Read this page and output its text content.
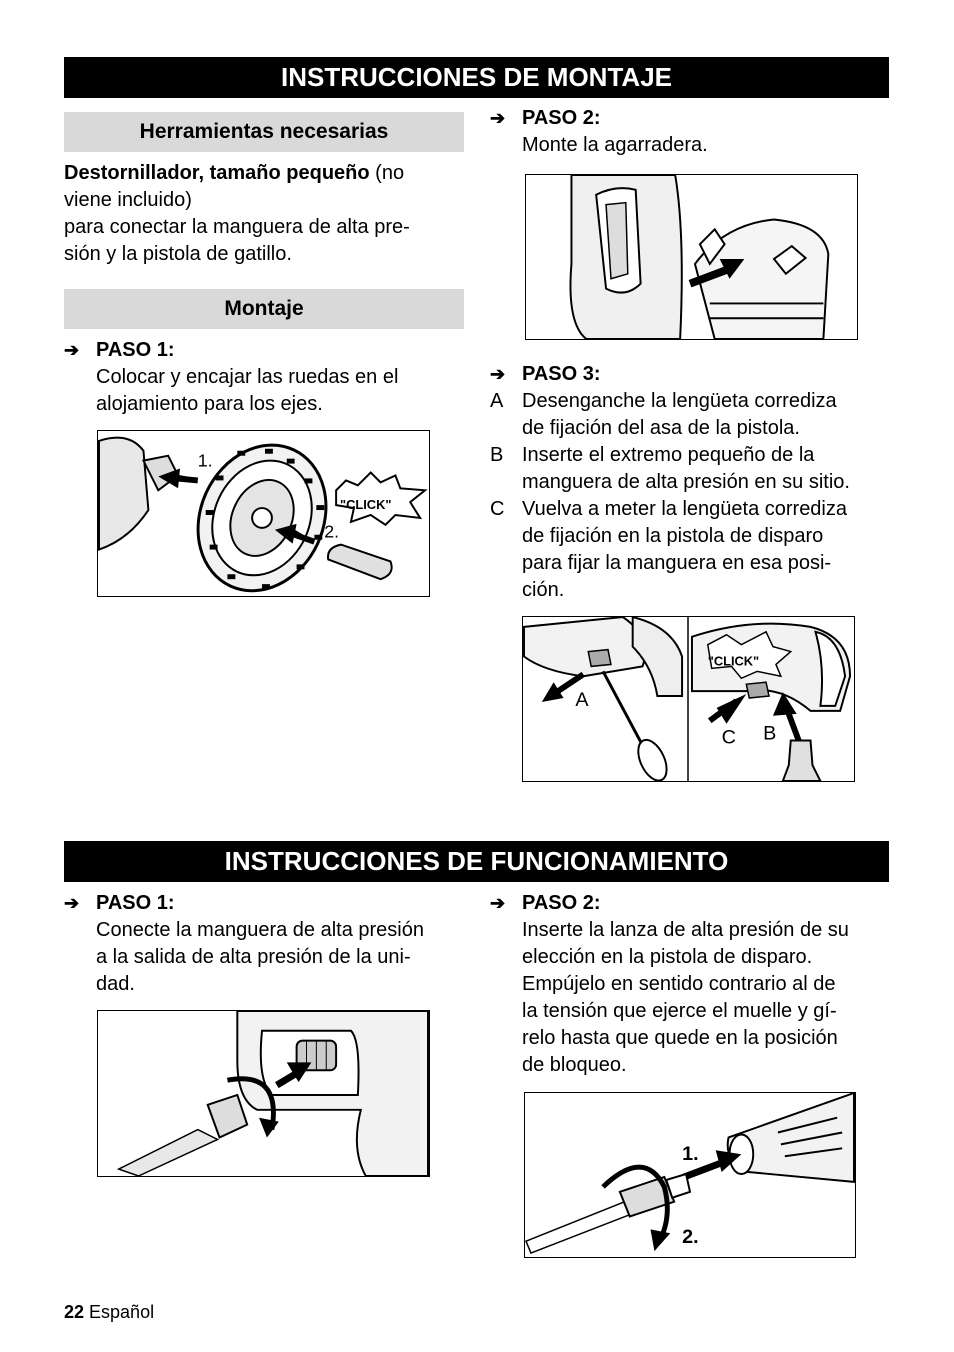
INSTRUCCIONES DE MONTAJE
Herramientas necesarias
Destornillador, tamaño pequeño (no
viene incluido)
para conectar la manguera de alta pre-
sión y la pistola de gatillo.
Montaje
➔ PASO 1:
Colocar y encajar las ruedas en el
alojamiento para los ejes.
1.
2.
"CLICK"
➔ PASO 2:
Monte la agarradera.
➔ PASO 3:
A Desenganche la lengüeta corrediza
de fijación del asa de la pistola.
B Inserte el extremo pequeño de la
manguera de alta presión en su sitio.
C Vuelva a meter la lengüeta corrediza
de fijación en la pistola de disparo
para fijar la manguera en esa posi-
ción.
A
C B
"CLICK"
INSTRUCCIONES DE FUNCIONAMIENTO
➔ PASO 1:
Conecte la manguera de alta presión
a la salida de alta presión de la uni-
dad.
➔ PASO 2:
Inserte la lanza de alta presión de su
elección en la pistola de disparo.
Empújelo en sentido contrario al de
la tensión que ejerce el muelle y gí-
relo hasta que quede en la posición
de bloqueo.
1.
2.
22 Español
